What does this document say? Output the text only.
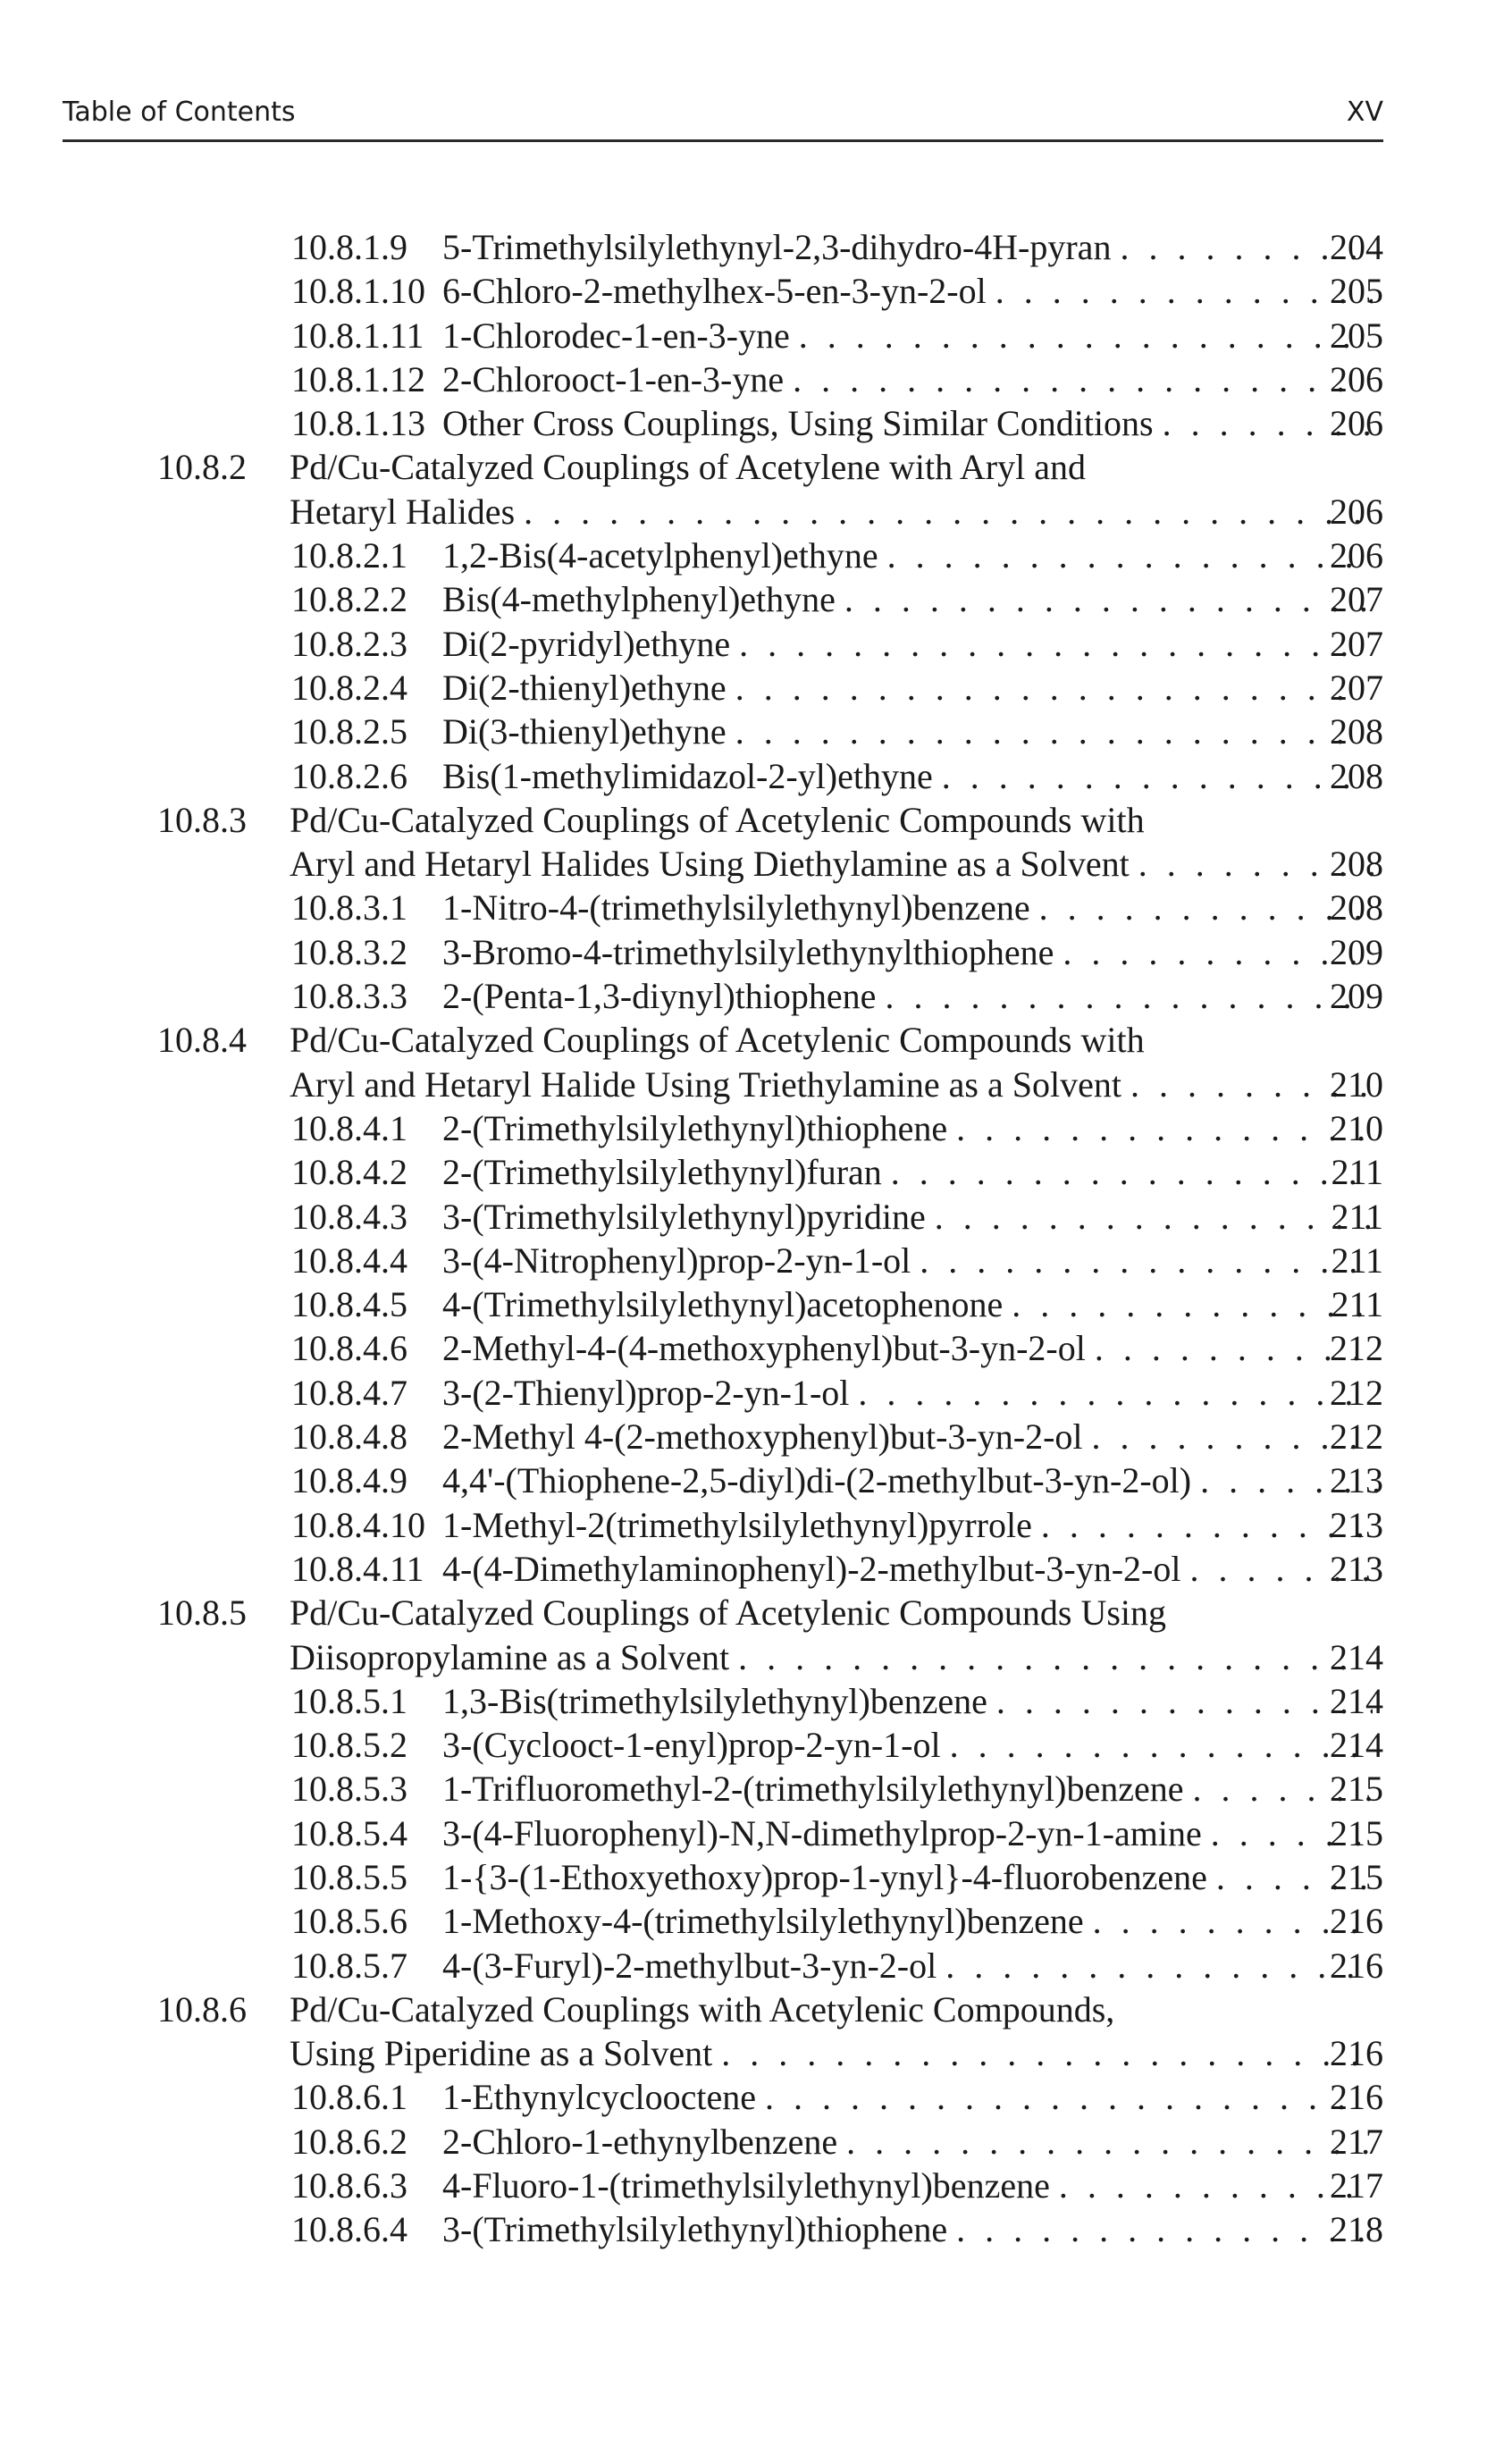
Table of Contents	XV
10.8.1.9 5-Trimethylsilylethynyl-2,3-dihydro-4H-pyran . . .	204
10.8.1.10 6-Chloro-2-methylhex-5-en-3-yn-2-ol . . .	205
10.8.1.11 1-Chlorodec-1-en-3-yne . . .	205
10.8.1.12 2-Chlorooct-1-en-3-yne . . .	206
10.8.1.13 Other Cross Couplings, Using Similar Conditions . . .	206
10.8.2 Pd/Cu-Catalyzed Couplings of Acetylene with Aryl and
Hetaryl Halides . . .	206
10.8.2.1 1,2-Bis(4-acetylphenyl)ethyne . . .	206
10.8.2.2 Bis(4-methylphenyl)ethyne . . .	207
10.8.2.3 Di(2-pyridyl)ethyne . . .	207
10.8.2.4 Di(2-thienyl)ethyne . . .	207
10.8.2.5 Di(3-thienyl)ethyne . . .	208
10.8.2.6 Bis(1-methylimidazol-2-yl)ethyne . . .	208
10.8.3 Pd/Cu-Catalyzed Couplings of Acetylenic Compounds with
Aryl and Hetaryl Halides Using Diethylamine as a Solvent . . .	208
10.8.3.1 1-Nitro-4-(trimethylsilylethynyl)benzene . . .	208
10.8.3.2 3-Bromo-4-trimethylsilylethynylthiophene . . .	209
10.8.3.3 2-(Penta-1,3-diynyl)thiophene . . .	209
10.8.4 Pd/Cu-Catalyzed Couplings of Acetylenic Compounds with
Aryl and Hetaryl Halide Using Triethylamine as a Solvent . . .	210
10.8.4.1 2-(Trimethylsilylethynyl)thiophene . . .	210
10.8.4.2 2-(Trimethylsilylethynyl)furan . . .	211
10.8.4.3 3-(Trimethylsilylethynyl)pyridine . . .	211
10.8.4.4 3-(4-Nitrophenyl)prop-2-yn-1-ol . . .	211
10.8.4.5 4-(Trimethylsilylethynyl)acetophenone . . .	211
10.8.4.6 2-Methyl-4-(4-methoxyphenyl)but-3-yn-2-ol . . .	212
10.8.4.7 3-(2-Thienyl)prop-2-yn-1-ol . . .	212
10.8.4.8 2-Methyl 4-(2-methoxyphenyl)but-3-yn-2-ol . . .	212
10.8.4.9 4,4'-(Thiophene-2,5-diyl)di-(2-methylbut-3-yn-2-ol) . . .	213
10.8.4.10 1-Methyl-2(trimethylsilylethynyl)pyrrole . . .	213
10.8.4.11 4-(4-Dimethylaminophenyl)-2-methylbut-3-yn-2-ol . . .	213
10.8.5 Pd/Cu-Catalyzed Couplings of Acetylenic Compounds Using
Diisopropylamine as a Solvent . . .	214
10.8.5.1 1,3-Bis(trimethylsilylethynyl)benzene . . .	214
10.8.5.2 3-(Cyclooct-1-enyl)prop-2-yn-1-ol . . .	214
10.8.5.3 1-Trifluoromethyl-2-(trimethylsilylethynyl)benzene . . .	215
10.8.5.4 3-(4-Fluorophenyl)-N,N-dimethylprop-2-yn-1-amine . . .	215
10.8.5.5 1-{3-(1-Ethoxyethoxy)prop-1-ynyl}-4-fluorobenzene . . .	215
10.8.5.6 1-Methoxy-4-(trimethylsilylethynyl)benzene . . .	216
10.8.5.7 4-(3-Furyl)-2-methylbut-3-yn-2-ol . . .	216
10.8.6 Pd/Cu-Catalyzed Couplings with Acetylenic Compounds,
Using Piperidine as a Solvent . . .	216
10.8.6.1 1-Ethynylcyclooctene . . .	216
10.8.6.2 2-Chloro-1-ethynylbenzene . . .	217
10.8.6.3 4-Fluoro-1-(trimethylsilylethynyl)benzene . . .	217
10.8.6.4 3-(Trimethylsilylethynyl)thiophene . . .	218
